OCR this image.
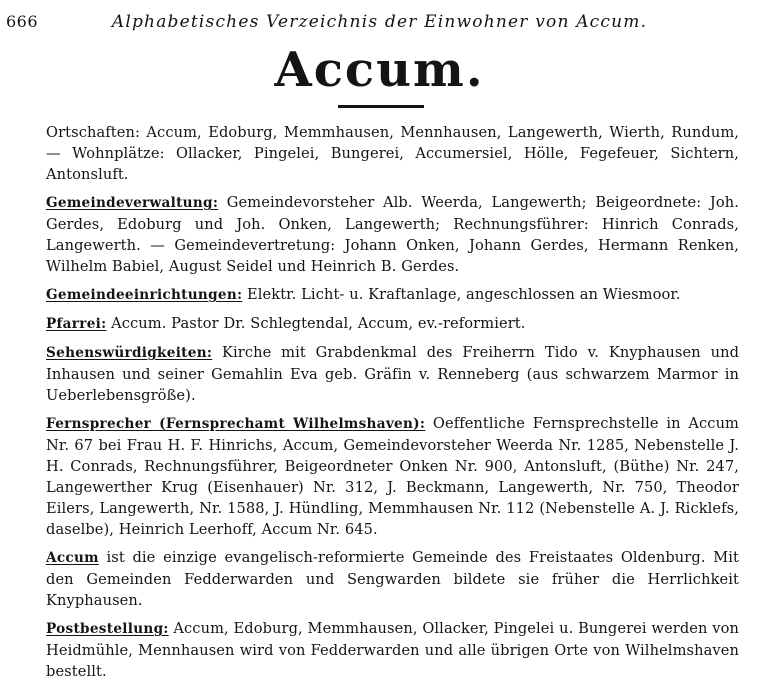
666	Alphabetisches Verzeichnis der Einwohner von Accum.
Accum.

Ortschaften: Accum, Edoburg, Memmhausen, Mennhausen, Langewerth, Wierth, Rundum, — Wohnplätze: Ollacker, Pingelei, Bungerei, Accumersiel, Hölle, Fegefeuer, Sichtern, Antonsluft.

Gemeindeverwaltung: Gemeindevorsteher Alb. Weerda, Langewerth; Beigeordnete: Joh. Gerdes, Edoburg und Joh. Onken, Langewerth; Rechnungsführer: Hinrich Conrads, Langewerth. — Gemeindevertretung: Johann Onken, Johann Gerdes, Hermann Renken, Wilhelm Babiel, August Seidel und Heinrich B. Gerdes.

Gemeindeeinrichtungen: Elektr. Licht- u. Kraftanlage, angeschlossen an Wiesmoor.

Pfarrei: Accum. Pastor Dr. Schlegtendal, Accum, ev.-reformiert.

Sehenswürdigkeiten: Kirche mit Grabdenkmal des Freiherrn Tido v. Knyphausen und Inhausen und seiner Gemahlin Eva geb. Gräfin v. Renneberg (aus schwarzem Marmor in Ueberlebensgröße).

Fernsprecher (Fernsprechamt Wilhelmshaven): Oeffentliche Fernsprechstelle in Accum Nr. 67 bei Frau H. F. Hinrichs, Accum, Gemeindevorsteher Weerda Nr. 1285, Nebenstelle J. H. Conrads, Rechnungsführer, Beigeordneter Onken Nr. 900, Antonsluft, (Büthe) Nr. 247, Langewerther Krug (Eisenhauer) Nr. 312, J. Beckmann, Langewerth, Nr. 750, Theodor Eilers, Langewerth, Nr. 1588, J. Hündling, Memmhausen Nr. 112 (Nebenstelle A. J. Ricklefs, daselbe), Heinrich Leerhoff, Accum Nr. 645.

Accum ist die einzige evangelisch-reformierte Gemeinde des Freistaates Oldenburg. Mit den Gemeinden Fedderwarden und Sengwarden bildete sie früher die Herrlichkeit Knyphausen.

Postbestellung: Accum, Edoburg, Memmhausen, Ollacker, Pingelei u. Bungerei werden von Heidmühle, Mennhausen wird von Fedderwarden und alle übrigen Orte von Wilhelmshaven bestellt.
